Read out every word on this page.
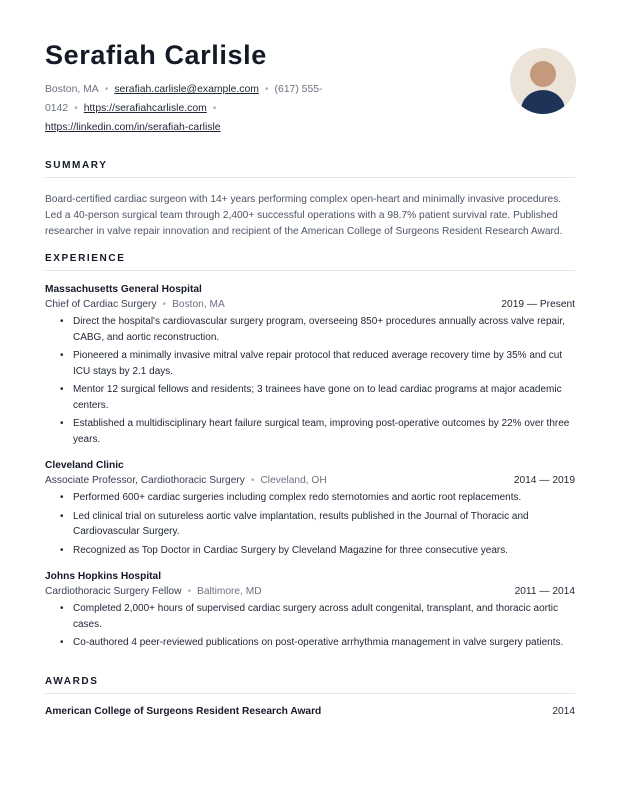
Serafiah Carlisle
Boston, MA • serafiah.carlisle@example.com • (617) 555-0142 • https://serafiahcarlisle.com •
https://linkedin.com/in/serafiah-carlisle
SUMMARY

Board-certified cardiac surgeon with 14+ years performing complex open-heart and minimally invasive procedures. Led a 40-person surgical team through 2,400+ successful operations with a 98.7% patient survival rate. Published researcher in valve repair innovation and recipient of the American College of Surgeons Resident Research Award.

EXPERIENCE
Massachusetts General Hospital
Chief of Cardiac Surgery • Boston, MA	2019 — Present
• Direct the hospital's cardiovascular surgery program, overseeing 850+ procedures annually across valve repair, CABG, and aortic reconstruction.
• Pioneered a minimally invasive mitral valve repair protocol that reduced average recovery time by 35% and cut ICU stays by 2.1 days.
• Mentor 12 surgical fellows and residents; 3 trainees have gone on to lead cardiac programs at major academic centers.
• Established a multidisciplinary heart failure surgical team, improving post-operative outcomes by 22% over three years.
Cleveland Clinic
Associate Professor, Cardiothoracic Surgery • Cleveland, OH	2014 — 2019
• Performed 600+ cardiac surgeries including complex redo sternotomies and aortic root replacements.
• Led clinical trial on sutureless aortic valve implantation, results published in the Journal of Thoracic and Cardiovascular Surgery.
• Recognized as Top Doctor in Cardiac Surgery by Cleveland Magazine for three consecutive years.
Johns Hopkins Hospital
Cardiothoracic Surgery Fellow • Baltimore, MD	2011 — 2014
• Completed 2,000+ hours of supervised cardiac surgery across adult congenital, transplant, and thoracic aortic cases.
• Co-authored 4 peer-reviewed publications on post-operative arrhythmia management in valve surgery patients.
AWARDS
American College of Surgeons Resident Research Award	2014
